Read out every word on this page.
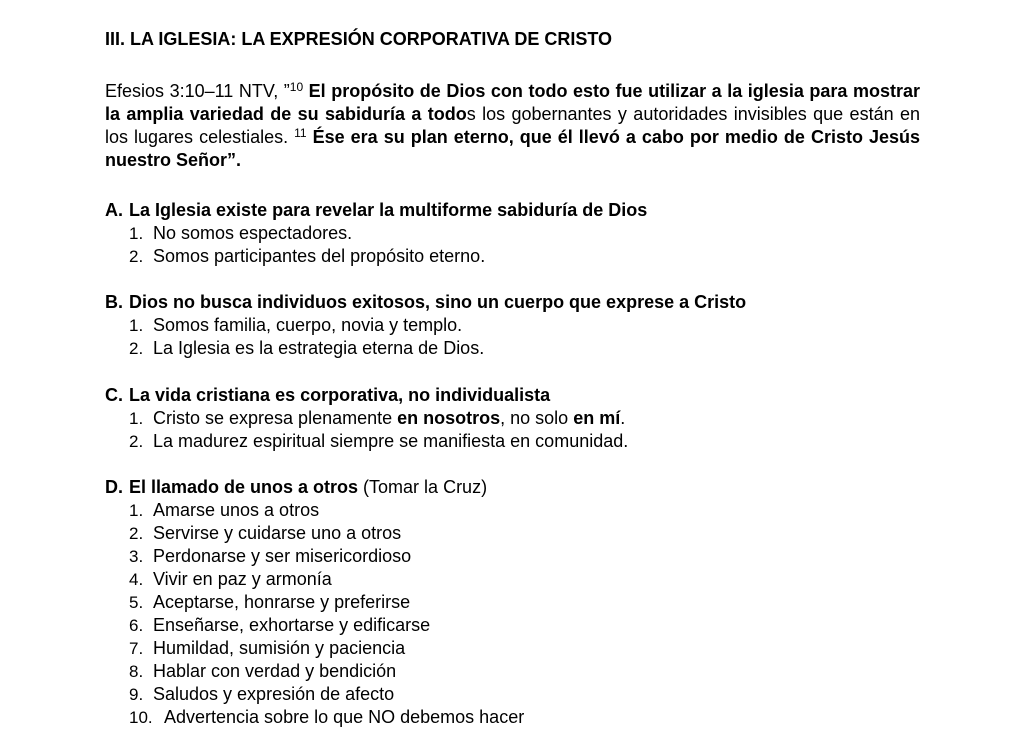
III. LA IGLESIA: LA EXPRESIÓN CORPORATIVA DE CRISTO
Efesios 3:10–11 NTV, ”$^{10}$ El propósito de Dios con todo esto fue utilizar a la iglesia para mostrar la amplia variedad de su sabiduría a todos los gobernantes y autoridades invisibles que están en los lugares celestiales. $^{11}$ Ése era su plan eterno, que él llevó a cabo por medio de Cristo Jesús nuestro Señor”.
A. La Iglesia existe para revelar la multiforme sabiduría de Dios
1. No somos espectadores.
2. Somos participantes del propósito eterno.
B. Dios no busca individuos exitosos, sino un cuerpo que exprese a Cristo
1. Somos familia, cuerpo, novia y templo.
2. La Iglesia es la estrategia eterna de Dios.
C. La vida cristiana es corporativa, no individualista
1. Cristo se expresa plenamente en nosotros, no solo en mí.
2. La madurez espiritual siempre se manifiesta en comunidad.
D. El llamado de unos a otros (Tomar la Cruz)
1. Amarse unos a otros
2. Servirse y cuidarse uno a otros
3. Perdonarse y ser misericordioso
4. Vivir en paz y armonía
5. Aceptarse, honrarse y preferirse
6. Enseñarse, exhortarse y edificarse
7. Humildad, sumisión y paciencia
8. Hablar con verdad y bendición
9. Saludos y expresión de afecto
10. Advertencia sobre lo que NO debemos hacer
